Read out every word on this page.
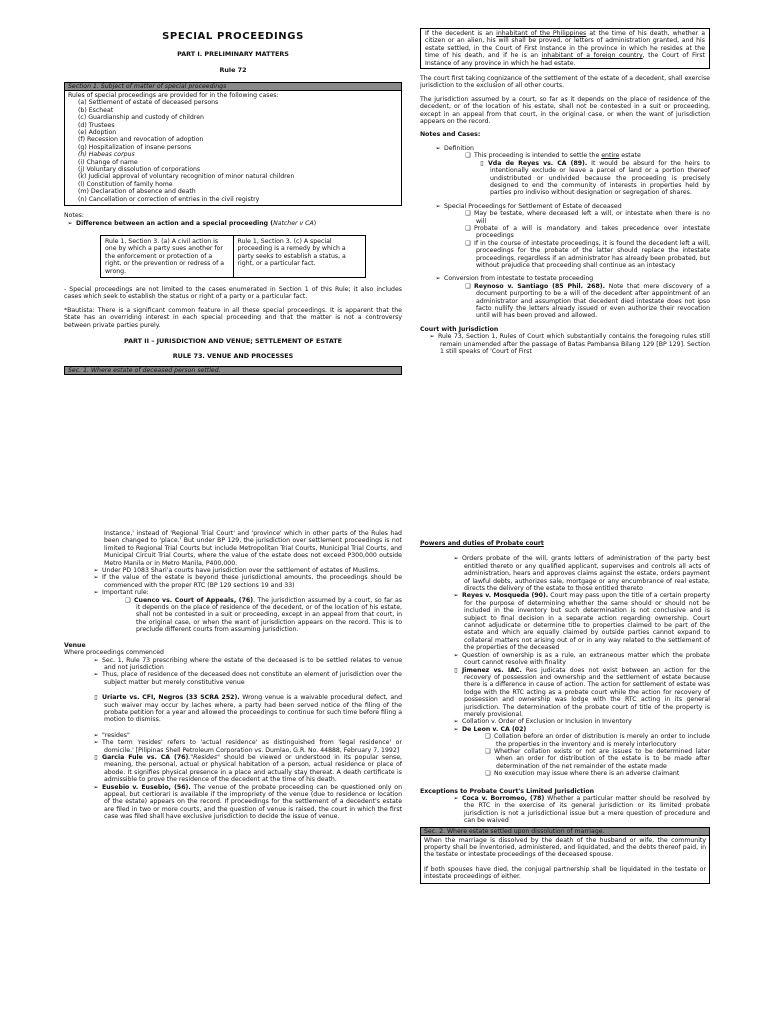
SPECIAL PROCEEDINGS

PART I. PRELIMINARY MATTERS

Rule 72

Section 1. Subject of matter of special proceedings

Rules of special proceedings are provided for in the following cases:

(a) Settlement of estate of deceased persons
(b) Escheat
(c) Guardianship and custody of children
(d) Trustees
(e) Adoption
(f) Recession and revocation of adoption
(g) Hospitalization of insane persons
(h) Habeas corpus
(i) Change of name
(j) Voluntary dissolution of corporations
(k) Judicial approval of voluntary recognition of minor natural children
(l) Constitution of family home
(m) Declaration of absence and death
(n) Cancellation or correction of entries in the civil registry

Notes:

➢ Difference between an action and a special proceeding (Natcher v CA)

Rule 1, Section 3. (a) A civil action is one by which a party sues another for the enforcement or protection of a right, or the prevention or redress of a wrong.
Rule 1, Section 3. (c) A special proceeding is a remedy by which a party seeks to establish a status, a right, or a particular fact.

- Special proceedings are not limited to the cases enumerated in Section 1 of this Rule; it also includes cases which seek to establish the status or right of a party or a particular fact.

*Bautista: There is a significant common feature in all these special proceedings. It is apparent that the State has an overriding interest in each special proceeding and that the matter is not a controversy between private parties purely.

PART II – JURISDICTION AND VENUE; SETTLEMENT OF ESTATE

RULE 73. VENUE AND PROCESSES

Sec. 1. Where estate of deceased person settled.
If the decedent is an inhabitant of the Philippines at the time of his death, whether a citizen or an alien, his will shall be proved, or letters of administration granted, and his estate settled, in the Court of First Instance in the province in which he resides at the time of his death, and if he is an inhabitant of a foreign country, the Court of First Instance of any province in which he had estate.

The court first taking cognizance of the settlement of the estate of a decedent, shall exercise jurisdiction to the exclusion of all other courts.

The jurisdiction assumed by a court, so far as it depends on the place of residence of the decedent, or of the location of his estate, shall not be contested in a suit or proceeding, except in an appeal from that court, in the original case, or when the want of jurisdiction appears on the record.

Notes and Cases:

➢ Definition

❑ This proceeding is intended to settle the entire estate

▯ Vda de Reyes vs. CA (89). It would be absurd for the heirs to intentionally exclude or leave a parcel of land or a portion thereof undistributed or undivided because the proceeding is precisely designed to end the community of interests in properties held by parties pro indiviso without designation or segregation of shares.

➢ Special Proceedings for Settlement of Estate of deceased

❑ May be testate, where deceased left a will, or intestate when there is no will

❑ Probate of a will is mandatory and takes precedence over intestate proceedings

❑ If in the course of intestate proceedings, it is found the decedent left a will, proceedings for the probate of the latter should replace the intestate proceedings, regardless if an administrator has already been probated, but without prejudice that proceeding shall continue as an intestacy

➢ Conversion from intestate to testate proceeding

❑ Reynoso v. Santiago (85 Phil. 268). Note that mere discovery of a document purporting to be a will of the decedent after appointment of an administrator and assumption that decedent died intestate does not ipso facto nullify the letters already issued or even authorize their revocation until will has been proved and allowed.

Court with Jurisdiction

➢ Rule 73, Section 1, Rules of Court which substantially contains the foregoing rules still remain unamended after the passage of Batas Pambansa Bilang 129 [BP 129]. Section 1 still speaks of 'Court of First

Instance,' instead of 'Regional Trial Court' and 'province' which in other parts of the Rules had been changed to 'place.' But under BP 129, the jurisdiction over settlement proceedings is not limited to Regional Trial Courts but include Metropolitan Trial Courts, Municipal Trial Courts, and Municipal Circuit Trial Courts, where the value of the estate does not exceed P300,000 outside Metro Manila or in Metro Manila, P400,000.

➢ Under PD 1083 Shari'a courts have jurisdiction over the settlement of estates of Muslims.

➢ If the value of the estate is beyond these jurisdictional amounts, the proceedings should be commenced with the proper RTC (BP 129 sections 19 and 33)

➢ Important rule:

❑ Cuenco vs. Court of Appeals, (76). The jurisdiction assumed by a court, so far as it depends on the place of residence of the decedent, or of the location of his estate, shall not be contested in a suit or proceeding, except in an appeal from that court, in the original case, or when the want of jurisdiction appears on the record. This is to preclude different courts from assuming jurisdiction.

Venue

Where proceedings commenced

➢ Sec. 1, Rule 73 prescribing where the estate of the deceased is to be settled relates to venue and not jurisdiction

➢ Thus, place of residence of the deceased does not constitute an element of jurisdiction over the subject matter but merely constitutive venue

▯ Uriarte vs. CFI, Negros (33 SCRA 252). Wrong venue is a waivable procedural defect, and such waiver may occur by laches where, a party had been served notice of the filing of the probate petition for a year and allowed the proceedings to continue for such time before filing a motion to dismiss.

➢ "resides"

➢ The term 'resides' refers to 'actual residence' as distinguished from 'legal residence' or domicile.' [Pilipinas Shell Petroleum Corporation vs. Dumlao, G.R. No. 44888, February 7, 1992]

▯ Garcia Fule vs. CA (76)."Resides" should be viewed or understood in its popular sense, meaning, the personal, actual or physical habitation of a person, actual residence or place of abode. It signifies physical presence in a place and actually stay thereat. A death certificate is admissible to prove the residence of the decedent at the time of his death.

➢ Eusebio v. Eusebio, (56). The venue of the probate proceeding can be questioned only on appeal, but certiorari is available if the impropriety of the venue (due to residence or location of the estate) appears on the record. If proceedings for the settlement of a decedent's estate are filed in two or more courts, and the question of venue is raised, the court in which the first case was filed shall have exclusive jurisdiction to decide the issue of venue.

Powers and duties of Probate court

➢ Orders probate of the will, grants letters of administration of the party best entitled thereto or any qualified applicant, supervises and controls all acts of administration, hears and approves claims against the estate, orders payment of lawful debts, authorizes sale, mortgage or any encumbrance of real estate, directs the delivery of the estate to those entitled thereto

➢ Reyes v. Mosqueda (90). Court may pass upon the title of a certain property for the purpose of determining whether the same should or should not be included in the inventory but such determination is not conclusive and is subject to final decision in a separate action regarding ownership. Court cannot adjudicate or determine title to properties claimed to be part of the estate and which are equally claimed by outside parties cannot expand to collateral matters not arising out of or in any way related to the settlement of the properties of the deceased

➢ Question of ownership is as a rule, an extraneous matter which the probate court cannot resolve with finality

▯ Jimenez vs. IAC. Res judicata does not exist between an action for the recovery of possession and ownership and the settlement of estate because there is a difference in cause of action. The action for settlement of estate was lodge with the RTC acting as a probate court while the action for recovery of possession and ownership was lodge with the RTC acting in its general jurisdiction. The determination of the probate court of title of the property is merely provisional.

➢ Collation v. Order of Exclusion or Inclusion in Inventory

➢ De Leon v. CA (02)

❑ Collation before an order of distribution is merely an order to include the properties in the inventory and is merely interlocutory

❑ Whether collation exists or not are issues to be determined later when an order for distribution of the estate is to be made after determination of the net remainder of the estate made

❑ No execution may issue where there is an adverse claimant

Exceptions to Probate Court's Limited Jurisdiction

➢ Coca v. Borromeo, (78) Whether a particular matter should be resolved by the RTC in the exercise of its general jurisdiction or its limited probate jurisdiction is not a jurisdictional issue but a mere question of procedure and can be waived

Sec. 2. Where estate settled upon dissolution of marriage.

When the marriage is dissolved by the death of the husband or wife, the community property shall be inventoried, administered, and liquidated, and the debts thereof paid, in the testate or intestate proceedings of the deceased spouse.

If both spouses have died, the conjugal partnership shall be liquidated in the testate or intestate proceedings of either.
